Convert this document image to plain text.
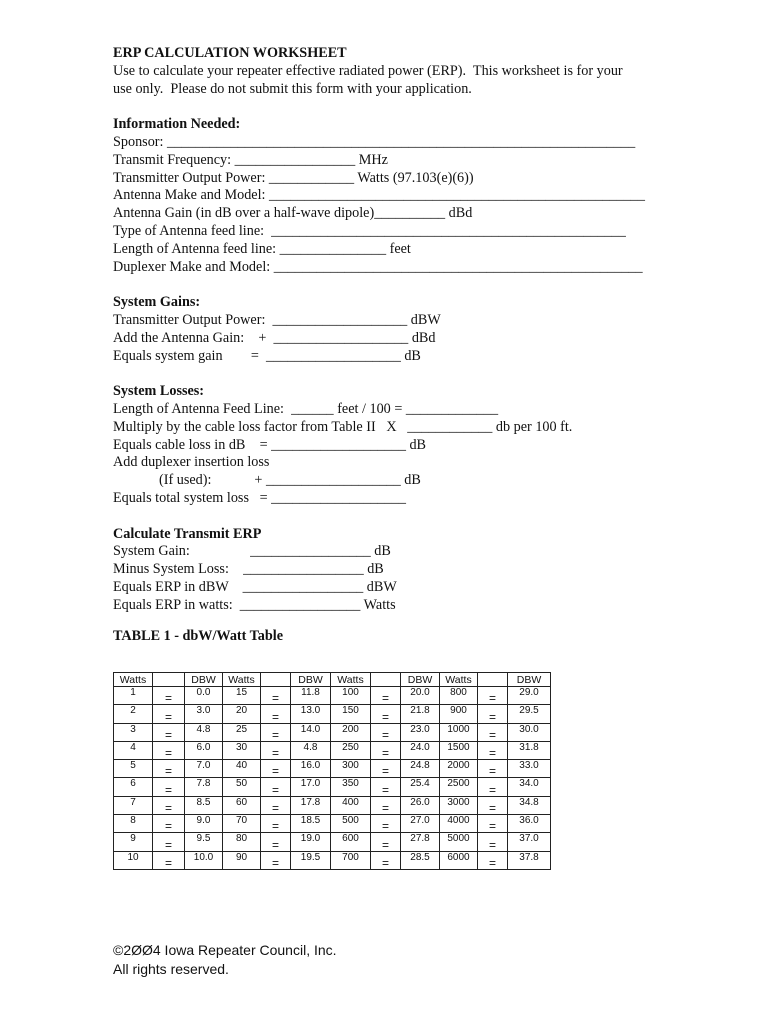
ERP CALCULATION WORKSHEET
Use to calculate your repeater effective radiated power (ERP).  This worksheet is for your
use only.  Please do not submit this form with your application.
Information Needed:
Sponsor: __________________________________________________________________
Transmit Frequency: _________________ MHz
Transmitter Output Power: ____________ Watts (97.103(e)(6))
Antenna Make and Model: _____________________________________________________
Antenna Gain (in dB over a half-wave dipole)__________ dBd
Type of Antenna feed line:  __________________________________________________
Length of Antenna feed line: _______________ feet
Duplexer Make and Model: ____________________________________________________
System Gains:
Transmitter Output Power:  ___________________ dBW
Add the Antenna Gain:    +  ___________________ dBd
Equals system gain        =  ___________________ dB
System Losses:
Length of Antenna Feed Line:  ______ feet / 100 = _____________
Multiply by the cable loss factor from Table II   X   ____________ db per 100 ft.
Equals cable loss in dB    = ___________________ dB
Add duplexer insertion loss
(If used):	+ ___________________ dB
Equals total system loss   = ___________________
Calculate Transmit ERP
System Gain:                 _________________ dB
Minus System Loss:    _________________ dB
Equals ERP in dBW    _________________ dBW
Equals ERP in watts:  _________________ Watts
TABLE 1 - dbW/Watt Table
Watts		DBW	Watts		DBW	Watts		DBW	Watts		DBW
1	=	0.0	15	=	11.8	100	=	20.0	800	=	29.0
2	=	3.0	20	=	13.0	150	=	21.8	900	=	29.5
3	=	4.8	25	=	14.0	200	=	23.0	1000	=	30.0
4	=	6.0	30	=	4.8	250	=	24.0	1500	=	31.8
5	=	7.0	40	=	16.0	300	=	24.8	2000	=	33.0
6	=	7.8	50	=	17.0	350	=	25.4	2500	=	34.0
7	=	8.5	60	=	17.8	400	=	26.0	3000	=	34.8
8	=	9.0	70	=	18.5	500	=	27.0	4000	=	36.0
9	=	9.5	80	=	19.0	600	=	27.8	5000	=	37.0
10	=	10.0	90	=	19.5	700	=	28.5	6000	=	37.8
©2ØØ4 Iowa Repeater Council, Inc.
All rights reserved.
